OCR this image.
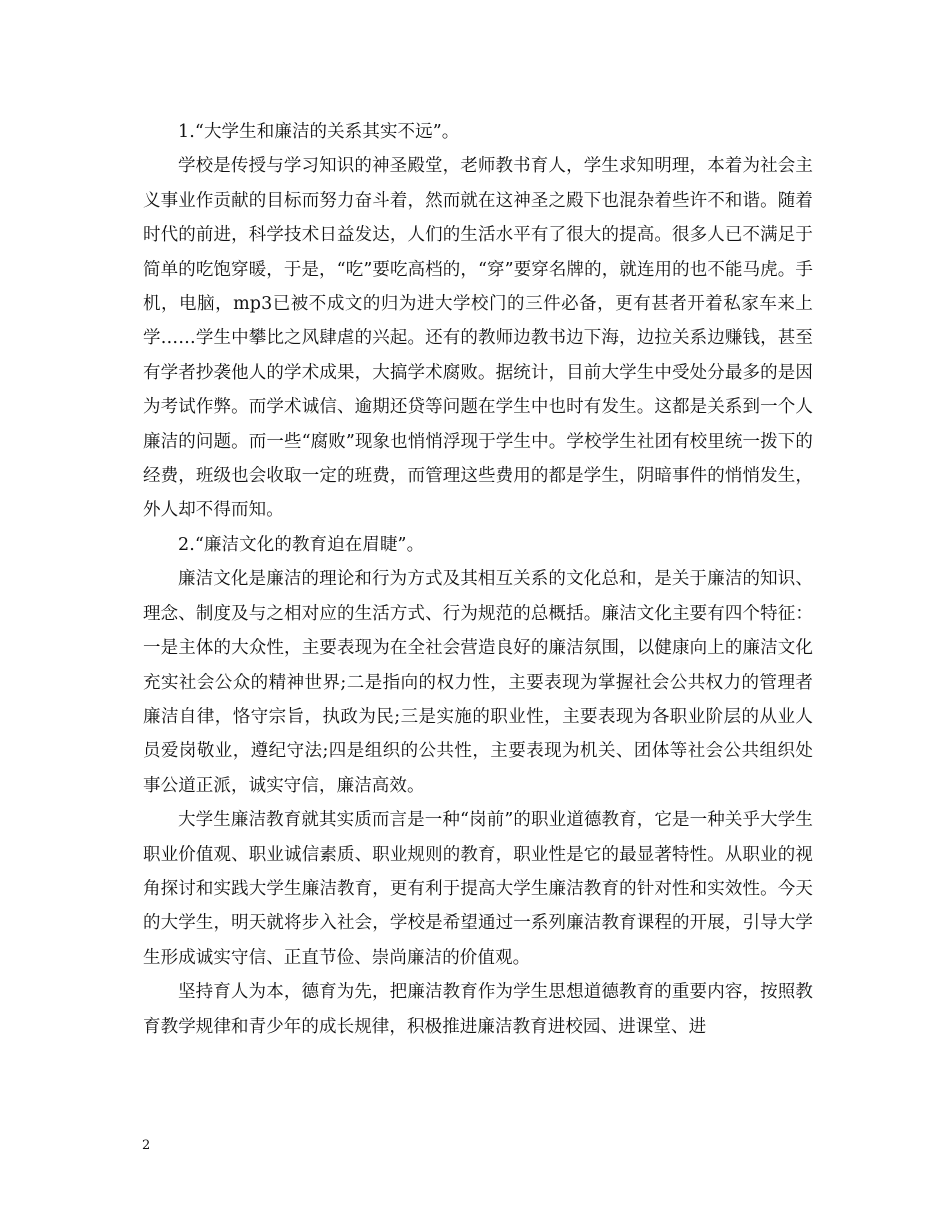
1.“大学生和廉洁的关系其实不远”。

学校是传授与学习知识的神圣殿堂，老师教书育人，学生求知明理，本着为社会主义事业作贡献的目标而努力奋斗着，然而就在这神圣之殿下也混杂着些许不和谐。随着时代的前进，科学技术日益发达，人们的生活水平有了很大的提高。很多人已不满足于简单的吃饱穿暖，于是，“吃”要吃高档的，“穿”要穿名牌的，就连用的也不能马虎。手机，电脑，mp3已被不成文的归为进大学校门的三件必备，更有甚者开着私家车来上学……学生中攀比之风肆虐的兴起。还有的教师边教书边下海，边拉关系边赚钱，甚至有学者抄袭他人的学术成果，大搞学术腐败。据统计，目前大学生中受处分最多的是因为考试作弊。而学术诚信、逾期还贷等问题在学生中也时有发生。这都是关系到一个人廉洁的问题。而一些“腐败”现象也悄悄浮现于学生中。学校学生社团有校里统一拨下的经费，班级也会收取一定的班费，而管理这些费用的都是学生，阴暗事件的悄悄发生，外人却不得而知。

2.“廉洁文化的教育迫在眉睫”。

廉洁文化是廉洁的理论和行为方式及其相互关系的文化总和，是关于廉洁的知识、理念、制度及与之相对应的生活方式、行为规范的总概括。廉洁文化主要有四个特征：一是主体的大众性，主要表现为在全社会营造良好的廉洁氛围，以健康向上的廉洁文化充实社会公众的精神世界;二是指向的权力性，主要表现为掌握社会公共权力的管理者廉洁自律，恪守宗旨，执政为民;三是实施的职业性，主要表现为各职业阶层的从业人员爱岗敬业，遵纪守法;四是组织的公共性，主要表现为机关、团体等社会公共组织处事公道正派，诚实守信，廉洁高效。

大学生廉洁教育就其实质而言是一种“岗前”的职业道德教育，它是一种关乎大学生职业价值观、职业诚信素质、职业规则的教育，职业性是它的最显著特性。从职业的视角探讨和实践大学生廉洁教育，更有利于提高大学生廉洁教育的针对性和实效性。今天的大学生，明天就将步入社会，学校是希望通过一系列廉洁教育课程的开展，引导大学生形成诚实守信、正直节俭、崇尚廉洁的价值观。

坚持育人为本，德育为先，把廉洁教育作为学生思想道德教育的重要内容，按照教育教学规律和青少年的成长规律，积极推进廉洁教育进校园、进课堂、进

2
